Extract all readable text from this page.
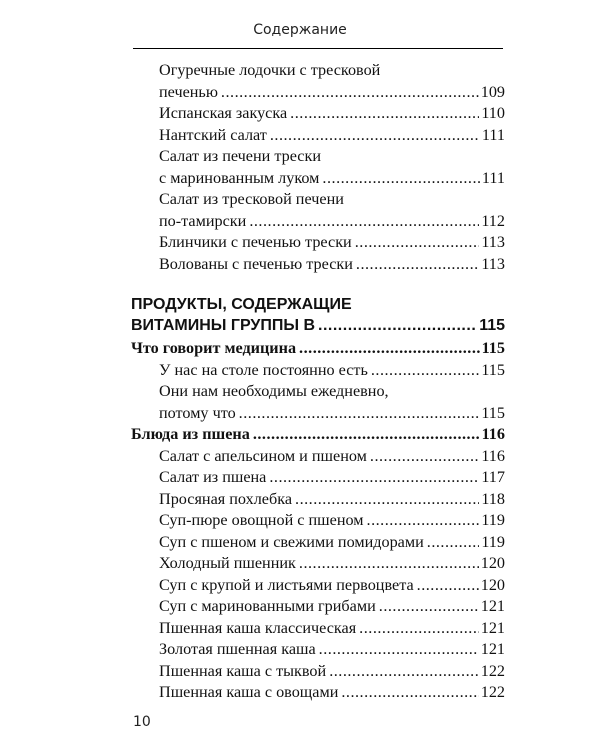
Содержание
Огуречные лодочки с тресковой
печенью .....	109
Испанская закуска .....	110
Нантский салат .....	111
Салат из печени трески
с маринованным луком .....	111
Салат из тресковой печени
по-тамирски .....	112
Блинчики с печенью трески .....	113
Волованы с печенью трески .....	113
ПРОДУКТЫ, СОДЕРЖАЩИЕ
ВИТАМИНЫ ГРУППЫ В .....	115
Что говорит медицина .....	115
У нас на столе постоянно есть .....	115
Они нам необходимы ежедневно,
потому что .....	115
Блюда из пшена .....	116
Салат с апельсином и пшеном .....	116
Салат из пшена .....	117
Просяная похлебка .....	118
Суп-пюре овощной с пшеном .....	119
Суп с пшеном и свежими помидорами .....	119
Холодный пшенник .....	120
Суп с крупой и листьями первоцвета .....	120
Суп с маринованными грибами .....	121
Пшенная каша классическая .....	121
Золотая пшенная каша .....	121
Пшенная каша с тыквой .....	122
Пшенная каша с овощами .....	122
10
